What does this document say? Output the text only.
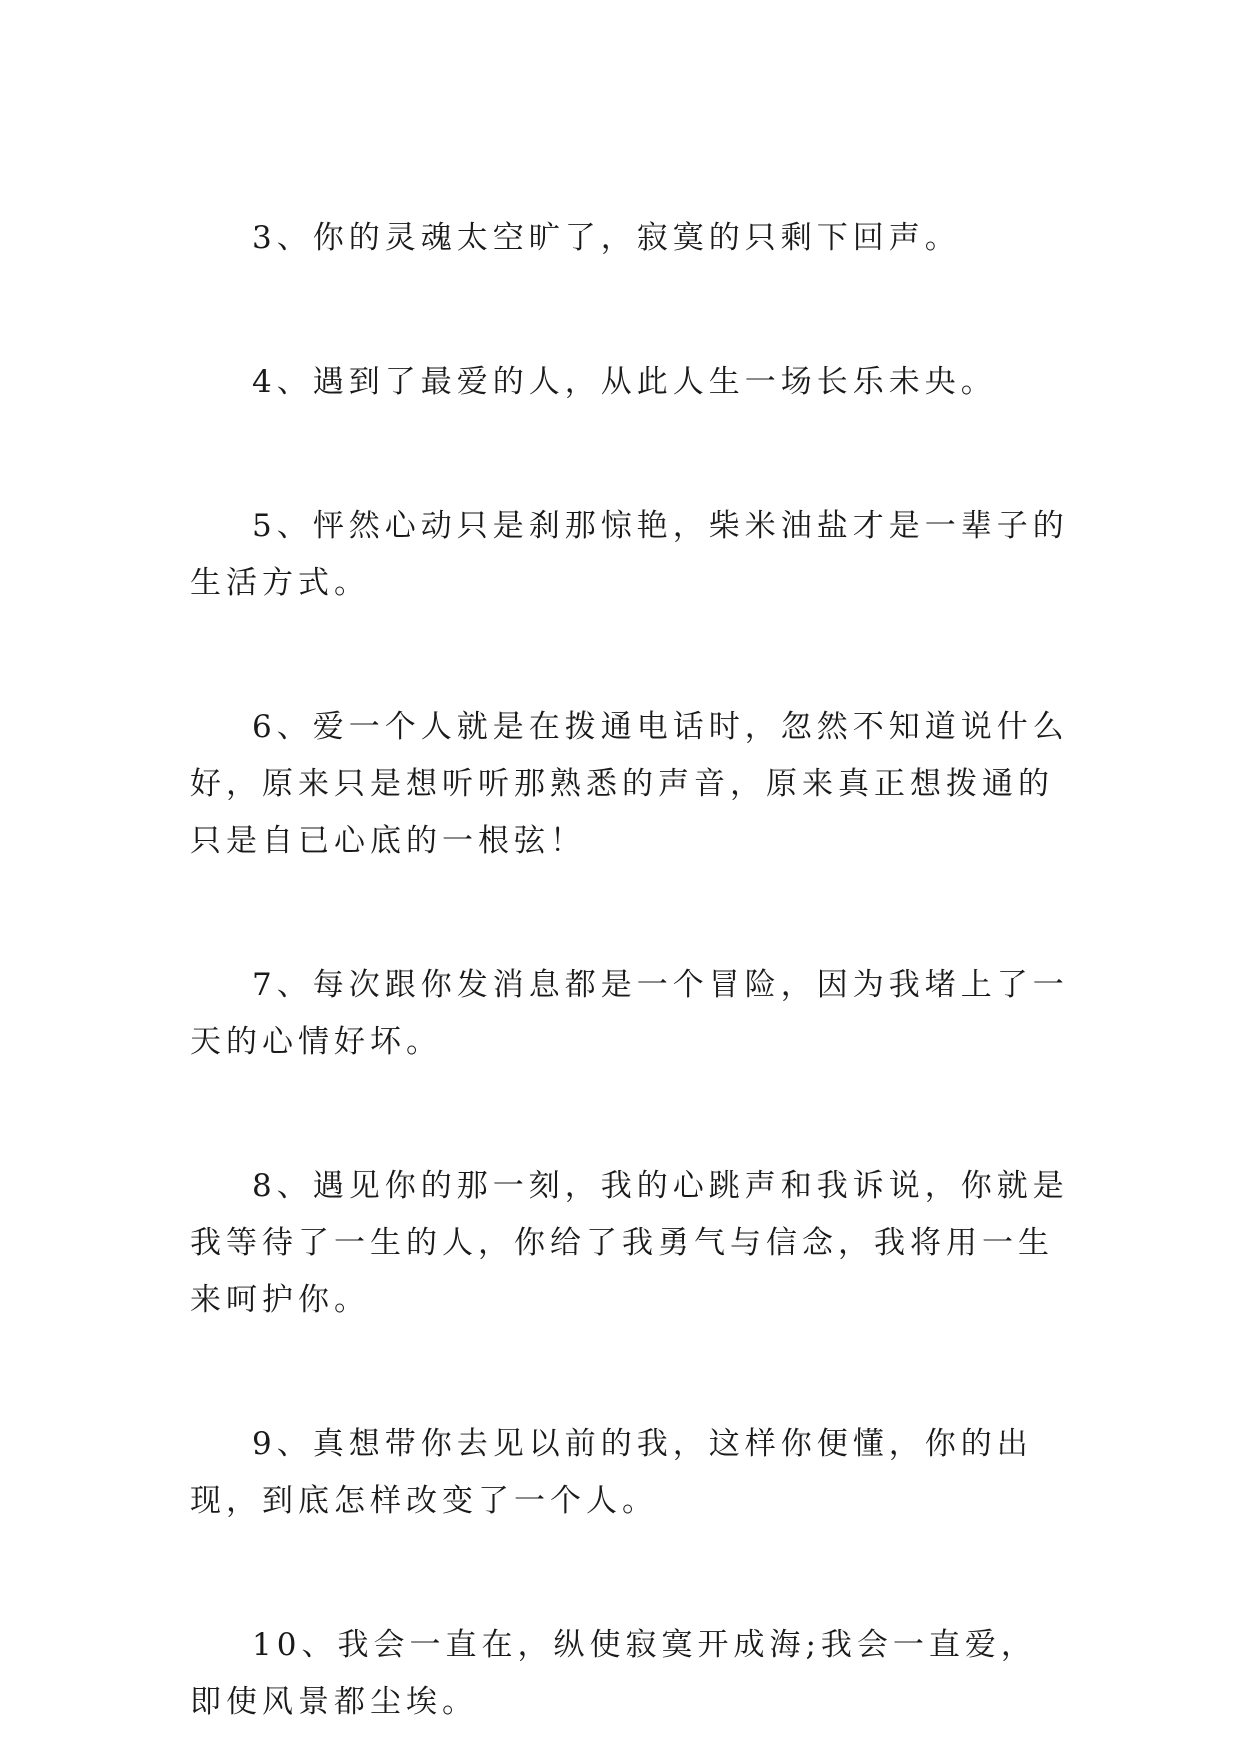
3、你的灵魂太空旷了，寂寞的只剩下回声。

4、遇到了最爱的人，从此人生一场长乐未央。

5、怦然心动只是刹那惊艳，柴米油盐才是一辈子的生活方式。

6、爱一个人就是在拨通电话时，忽然不知道说什么好，原来只是想听听那熟悉的声音，原来真正想拨通的只是自已心底的一根弦！

7、每次跟你发消息都是一个冒险，因为我堵上了一天的心情好坏。

8、遇见你的那一刻，我的心跳声和我诉说，你就是我等待了一生的人，你给了我勇气与信念，我将用一生来呵护你。

9、真想带你去见以前的我，这样你便懂，你的出现，到底怎样改变了一个人。

10、我会一直在，纵使寂寞开成海;我会一直爱，即使风景都尘埃。
